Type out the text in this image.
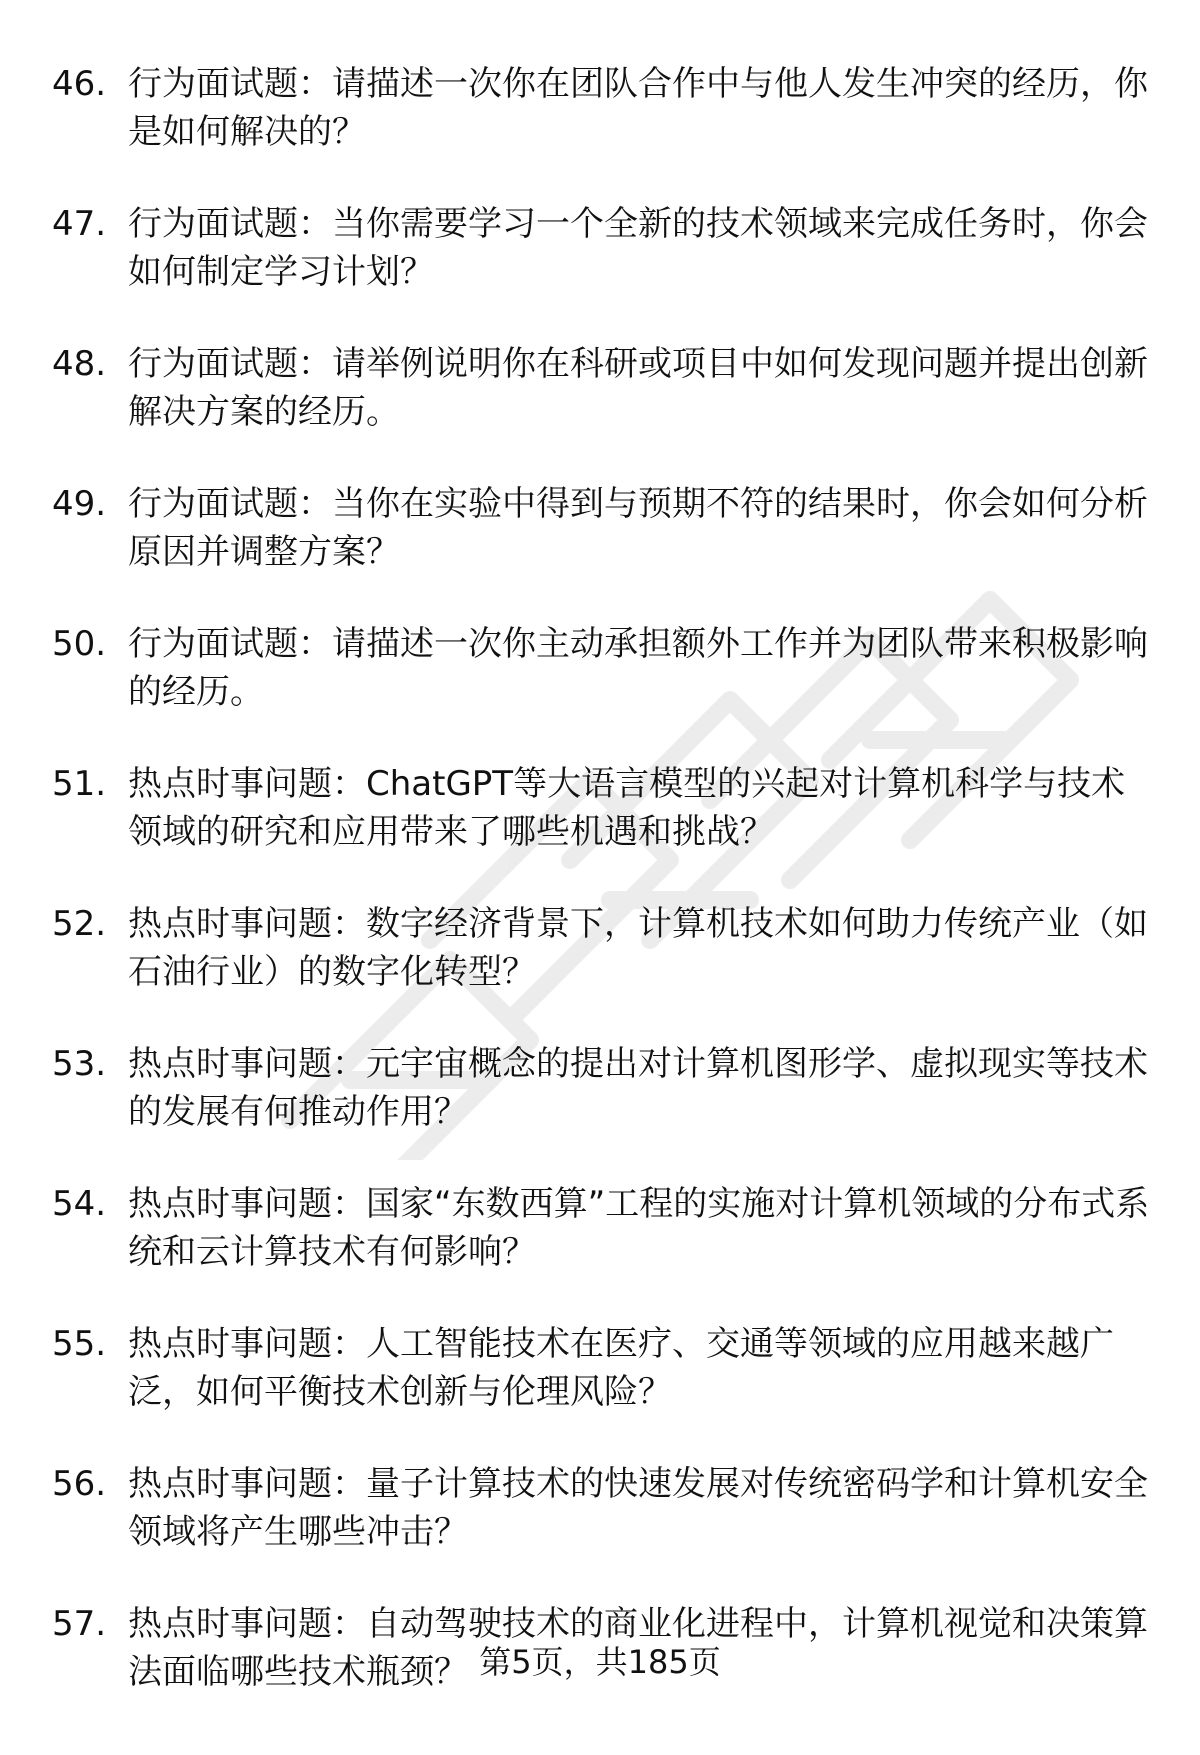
46. 行为面试题：请描述一次你在团队合作中与他人发生冲突的经历，你是如何解决的？
47. 行为面试题：当你需要学习一个全新的技术领域来完成任务时，你会如何制定学习计划？
48. 行为面试题：请举例说明你在科研或项目中如何发现问题并提出创新解决方案的经历。
49. 行为面试题：当你在实验中得到与预期不符的结果时，你会如何分析原因并调整方案？
50. 行为面试题：请描述一次你主动承担额外工作并为团队带来积极影响的经历。
51. 热点时事问题：ChatGPT等大语言模型的兴起对计算机科学与技术领域的研究和应用带来了哪些机遇和挑战？
52. 热点时事问题：数字经济背景下，计算机技术如何助力传统产业（如石油行业）的数字化转型？
53. 热点时事问题：元宇宙概念的提出对计算机图形学、虚拟现实等技术的发展有何推动作用？
54. 热点时事问题：国家“东数西算”工程的实施对计算机领域的分布式系统和云计算技术有何影响？
55. 热点时事问题：人工智能技术在医疗、交通等领域的应用越来越广泛，如何平衡技术创新与伦理风险？
56. 热点时事问题：量子计算技术的快速发展对传统密码学和计算机安全领域将产生哪些冲击？
57. 热点时事问题：自动驾驶技术的商业化进程中，计算机视觉和决策算法面临哪些技术瓶颈？ 第5页，共185页
